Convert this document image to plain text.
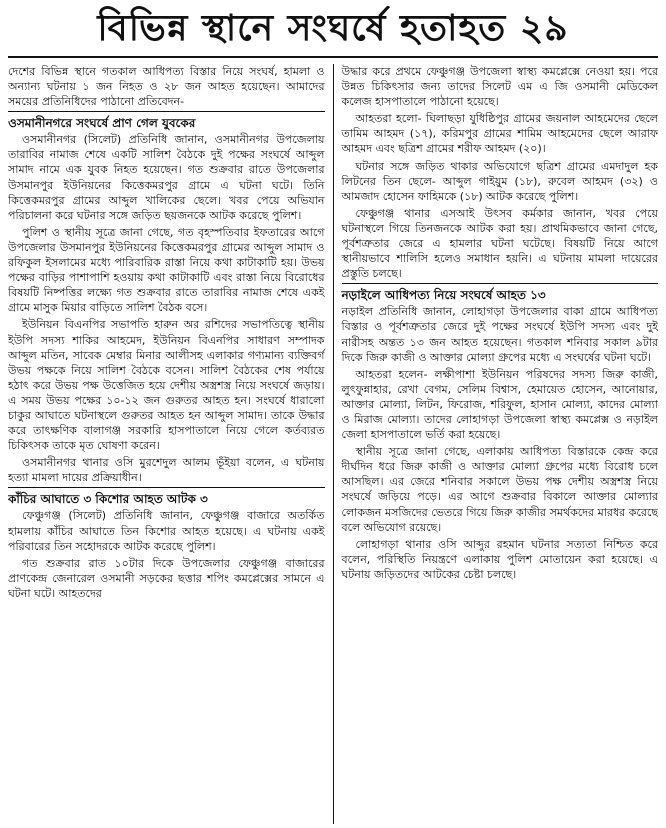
বিভিন্ন স্থানে সংঘর্ষে হতাহত ২৯

দেশের বিভিন্ন স্থানে গতকাল আধিপত্য বিস্তার নিয়ে সংঘর্ষ, হামলা ও অন্যান্য ঘটনায় ১ জন নিহত ও ২৮ জন আহত হয়েছেন। আমাদের সময়ের প্রতিনিধিদের পাঠানো প্রতিবেদন-

ওসমানীনগরে সংঘর্ষে প্রাণ গেল যুবকের

ওসমানীনগর (সিলেট) প্রতিনিধি জানান, ওসমানীনগর উপজেলায় তারাবির নামাজ শেষে একটি সালিশ বৈঠকে দুই পক্ষের সংঘর্ষে আব্দুল সামাদ নামে এক যুবক নিহত হয়েছেন। গত শুক্রবার রাতে উপজেলার উসমানপুর ইউনিয়নের কিত্তেকমরপুর গ্রামে এ ঘটনা ঘটে। তিনি কিত্তেকমরপুর গ্রামের আব্দুল খালিকের ছেলে। খবর পেয়ে অভিযান পরিচালনা করে ঘটনার সঙ্গে জড়িত ছয়জনকে আটক করেছে পুলিশ।

পুলিশ ও স্থানীয় সূত্রে জানা গেছে, গত বৃহস্পতিবার ইফতারের আগে উপজেলার উসমানপুর ইউনিয়নের কিত্তেকমরপুর গ্রামের আব্দুল সামাদ ও রফিকুল ইসলামের মধ্যে পারিবারিক রাস্তা নিয়ে কথা কাটাকাটি হয়। উভয় পক্ষের বাড়ির পাশাপাশি হওয়ায় কথা কাটাকাটি এবং রাস্তা নিয়ে বিরোধের বিষয়টি নিষ্পত্তির লক্ষ্যে গত শুক্রবার রাতে তারাবির নামাজ শেষে একই গ্রামে মাসুক মিয়ার বাড়িতে সালিশ বৈঠক বসে।

ইউনিয়ন বিএনপির সভাপতি হারুন অর রশিদের সভাপতিত্বে স্থানীয় ইউপি সদস্য শাকির আহমেদ, ইউনিয়ন বিএনপির সাধারণ সম্পাদক আব্দুল মতিন, সাবেক মেম্বার মিনার আলীসহ এলাকার গণ্যমান্য ব্যক্তিবর্গ উভয় পক্ষকে নিয়ে সালিশ বৈঠকে বসেন। সালিশ বৈঠকের শেষ পর্যায়ে হঠাৎ করে উভয় পক্ষ উত্তেজিত হয়ে দেশীয় অস্ত্রশস্ত্র নিয়ে সংঘর্ষে জড়ায়। এ সময় উভয় পক্ষের ১০-১২ জন গুরুতর আহত হন। সংঘর্ষে ধারালো চাকুর আঘাতে ঘটনাস্থলে গুরুতর আহত হন আব্দুল সামাদ। তাকে উদ্ধার করে তাৎক্ষণিক বালাগঞ্জ সরকারি হাসপাতালে নিয়ে গেলে কর্তব্যরত চিকিৎসক তাকে মৃত ঘোষণা করেন।

ওসমানীনগর থানার ওসি মুরশেদুল আলম ভূঁইয়া বলেন, এ ঘটনায় হত্যা মামলা দায়ের প্রক্রিয়াধীন।

কাঁচির আঘাতে ৩ কিশোর আহত আটক ৩

ফেঞ্চুগঞ্জ (সিলেট) প্রতিনিধি জানান, ফেঞ্চুগঞ্জ বাজারে অতর্কিত হামলায় কাঁচির আঘাতে তিন কিশোর আহত হয়েছে। এ ঘটনায় একই পরিবারের তিন সহোদরকে আটক করেছে পুলিশ।

গত শুক্রবার রাত ১০টার দিকে উপজেলার ফেঞ্চুগঞ্জ বাজারের প্রাণকেন্দ্র জেনারেল ওসমানী সড়কের ছত্তার শপিং কমপ্লেক্সের সামনে এ ঘটনা ঘটে। আহতদের

উদ্ধার করে প্রথমে ফেঞ্চুগঞ্জ উপজেলা স্বাস্থ্য কমপ্লেক্সে নেওয়া হয়। পরে উন্নত চিকিৎসার জন্য তাদের সিলেট এম এ জি ওসমানী মেডিকেল কলেজ হাসপাতালে পাঠানো হয়েছে।

আহতরা হলো- ঘিলাছড়া যুধিষ্ঠিপুর গ্রামের জয়নাল আহমেদের ছেলে তামিম আহমদ (১৭), করিমপুর গ্রামের শামিম আহমেদের ছেলে আরাফ আহমদ এবং ছত্রিশ গ্রামের শরীফ আহমদ (২০)।

ঘটনার সঙ্গে জড়িত থাকার অভিযোগে ছত্রিশ গ্রামের এমদাদুল হক লিটনের তিন ছেলে- আব্দুল গাইয়ুম (১৮), রুবেল আহমদ (৩২) ও আমজাদ হোসেন ফাহিমকে (১৮) আটক করেছে পুলিশ।

ফেঞ্চুগঞ্জ থানার এসআই উৎসব কর্মকার জানান, খবর পেয়ে ঘটনাস্থলে গিয়ে তিনজনকে আটক করা হয়। প্রাথমিকভাবে জানা গেছে, পূর্বশত্রুতার জেরে এ হামলার ঘটনা ঘটেছে। বিষয়টি নিয়ে আগে স্থানীয়ভাবে শালিসি হলেও সমাধান হয়নি। এ ঘটনায় মামলা দায়েরের প্রস্তুতি চলছে।

নড়াইলে আধিপত্য নিয়ে সংঘর্ষে আহত ১৩

নড়াইল প্রতিনিধি জানান, লোহাগড়া উপজেলার বাকা গ্রামে আধিপত্য বিস্তার ও পূর্বশত্রুতার জেরে দুই পক্ষের সংঘর্ষে ইউপি সদস্য এবং দুই নারীসহ অন্তত ১৩ জন আহত হয়েছেন। গতকাল শনিবার সকাল ৯টার দিকে জিরু কাজী ও আক্তার মোল্যা গ্রুপের মধ্যে এ সংঘর্ষের ঘটনা ঘটে।

আহতরা হলেন- লক্ষীপাশা ইউনিয়ন পরিষদের সদস্য জিরু কাজী, লুৎফুন্নাহার, রেখা বেগম, সেলিম বিশ্বাস, হেমায়েত হোসেন, আনোয়ার, আক্তার মোল্যা, লিটন, ফিরোজ, শরিফুল, হাসান মোল্যা, কাদের মোল্যা ও মিরাজ মোল্যা। তাদের লোহাগড়া উপজেলা স্বাস্থ্য কমপ্লেক্স ও নড়াইল জেলা হাসপাতালে ভর্তি করা হয়েছে।

স্থানীয় সূত্রে জানা গেছে, এলাকায় আধিপত্য বিস্তারকে কেন্দ্র করে দীর্ঘদিন ধরে জিরু কাজী ও আক্তার মোল্যা গ্রুপের মধ্যে বিরোধ চলে আসছিল। এর জেরে শনিবার সকালে উভয় পক্ষ দেশীয় অস্ত্রশস্ত্র নিয়ে সংঘর্ষে জড়িয়ে পড়ে। এর আগে শুক্রবার বিকালে আক্তার মোল্যার লোকজন মসজিদের ভেতরে গিয়ে জিরু কাজীর সমর্থকদের মারধর করেছে বলে অভিযোগ রয়েছে।

লোহাগড়া থানার ওসি আব্দুর রহমান ঘটনার সত্যতা নিশ্চিত করে বলেন, পরিস্থিতি নিয়ন্ত্রণে এলাকায় পুলিশ মোতায়েন করা হয়েছে। এ ঘটনায় জড়িতদের আটকের চেষ্টা চলছে।
